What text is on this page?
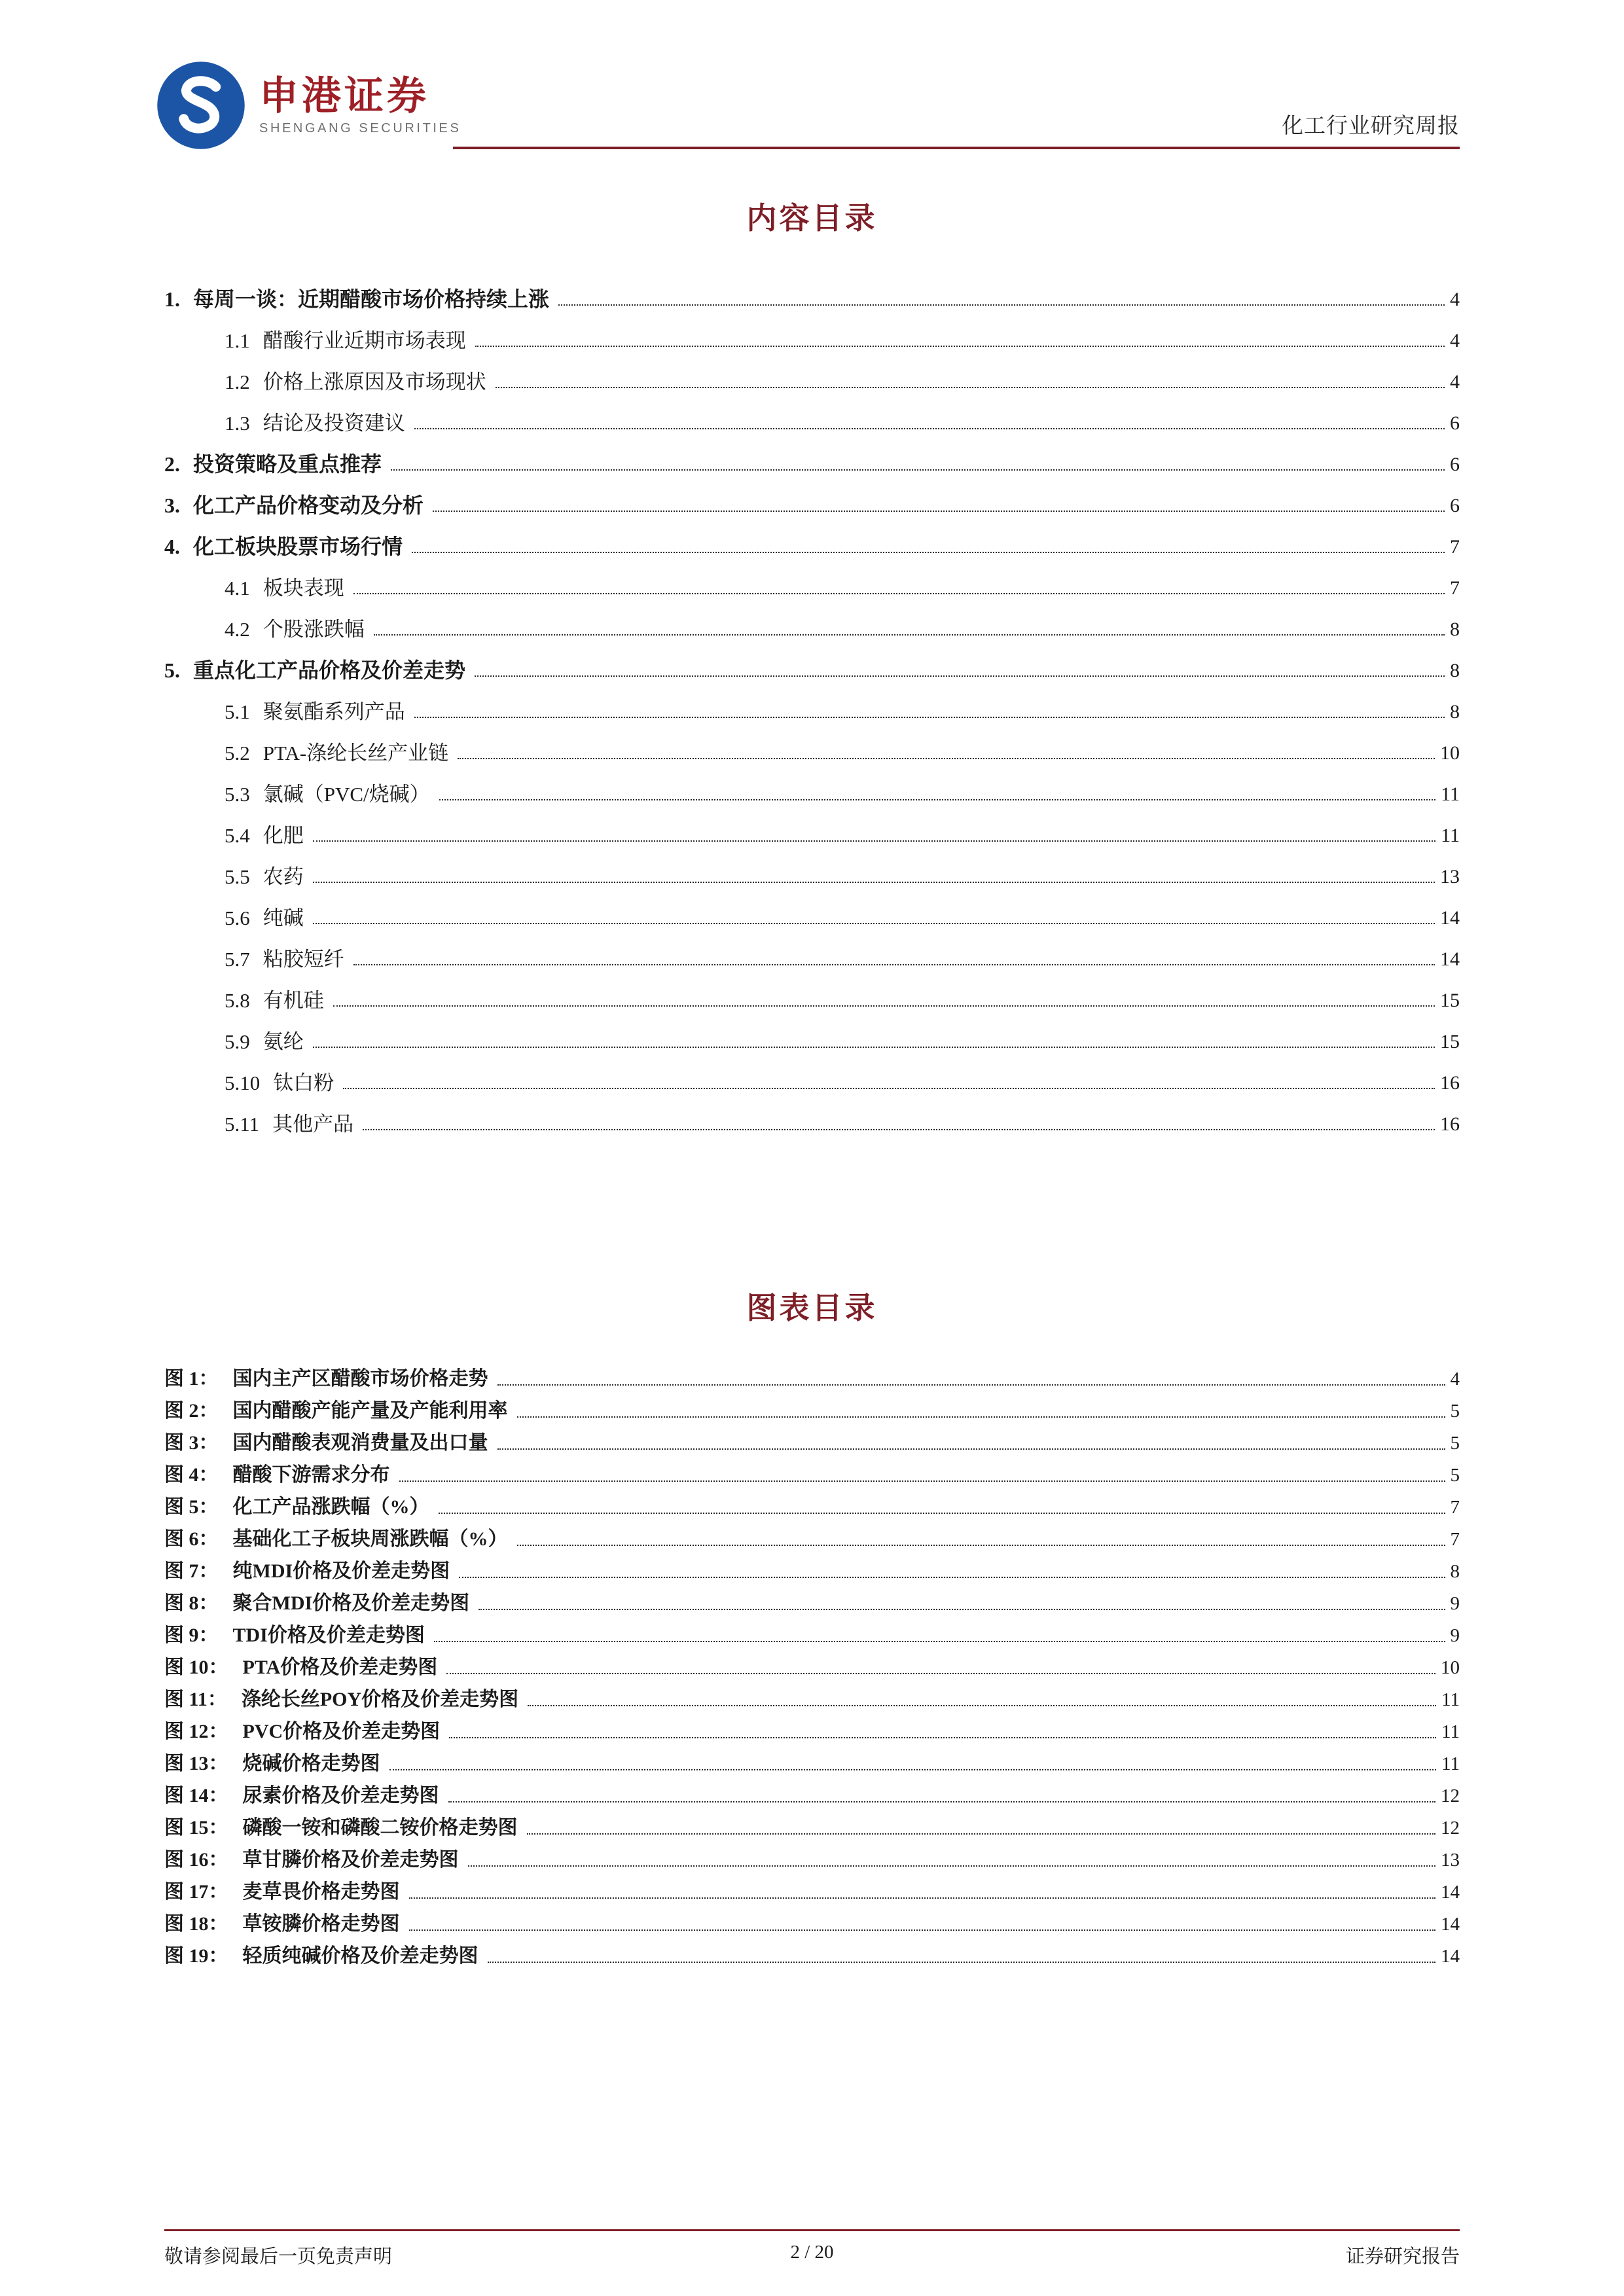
申港证券
SHENGANG SECURITIES	化工行业研究周报
内容目录
1. 每周一谈：近期醋酸市场价格持续上涨	4
1.1 醋酸行业近期市场表现	4
1.2 价格上涨原因及市场现状	4
1.3 结论及投资建议	6
2. 投资策略及重点推荐	6
3. 化工产品价格变动及分析	6
4. 化工板块股票市场行情	7
4.1 板块表现	7
4.2 个股涨跌幅	8
5. 重点化工产品价格及价差走势	8
5.1 聚氨酯系列产品	8
5.2 PTA-涤纶长丝产业链	10
5.3 氯碱（PVC/烧碱）	11
5.4 化肥	11
5.5 农药	13
5.6 纯碱	14
5.7 粘胶短纤	14
5.8 有机硅	15
5.9 氨纶	15
5.10 钛白粉	16
5.11 其他产品	16
图表目录
图 1： 国内主产区醋酸市场价格走势	4
图 2： 国内醋酸产能产量及产能利用率	5
图 3： 国内醋酸表观消费量及出口量	5
图 4： 醋酸下游需求分布	5
图 5： 化工产品涨跌幅（%）	7
图 6： 基础化工子板块周涨跌幅（%）	7
图 7： 纯MDI价格及价差走势图	8
图 8： 聚合MDI价格及价差走势图	9
图 9： TDI价格及价差走势图	9
图 10： PTA价格及价差走势图	10
图 11： 涤纶长丝POY价格及价差走势图	11
图 12： PVC价格及价差走势图	11
图 13： 烧碱价格走势图	11
图 14： 尿素价格及价差走势图	12
图 15： 磷酸一铵和磷酸二铵价格走势图	12
图 16： 草甘膦价格及价差走势图	13
图 17： 麦草畏价格走势图	14
图 18： 草铵膦价格走势图	14
图 19： 轻质纯碱价格及价差走势图	14
敬请参阅最后一页免责声明	2 / 20	证券研究报告
